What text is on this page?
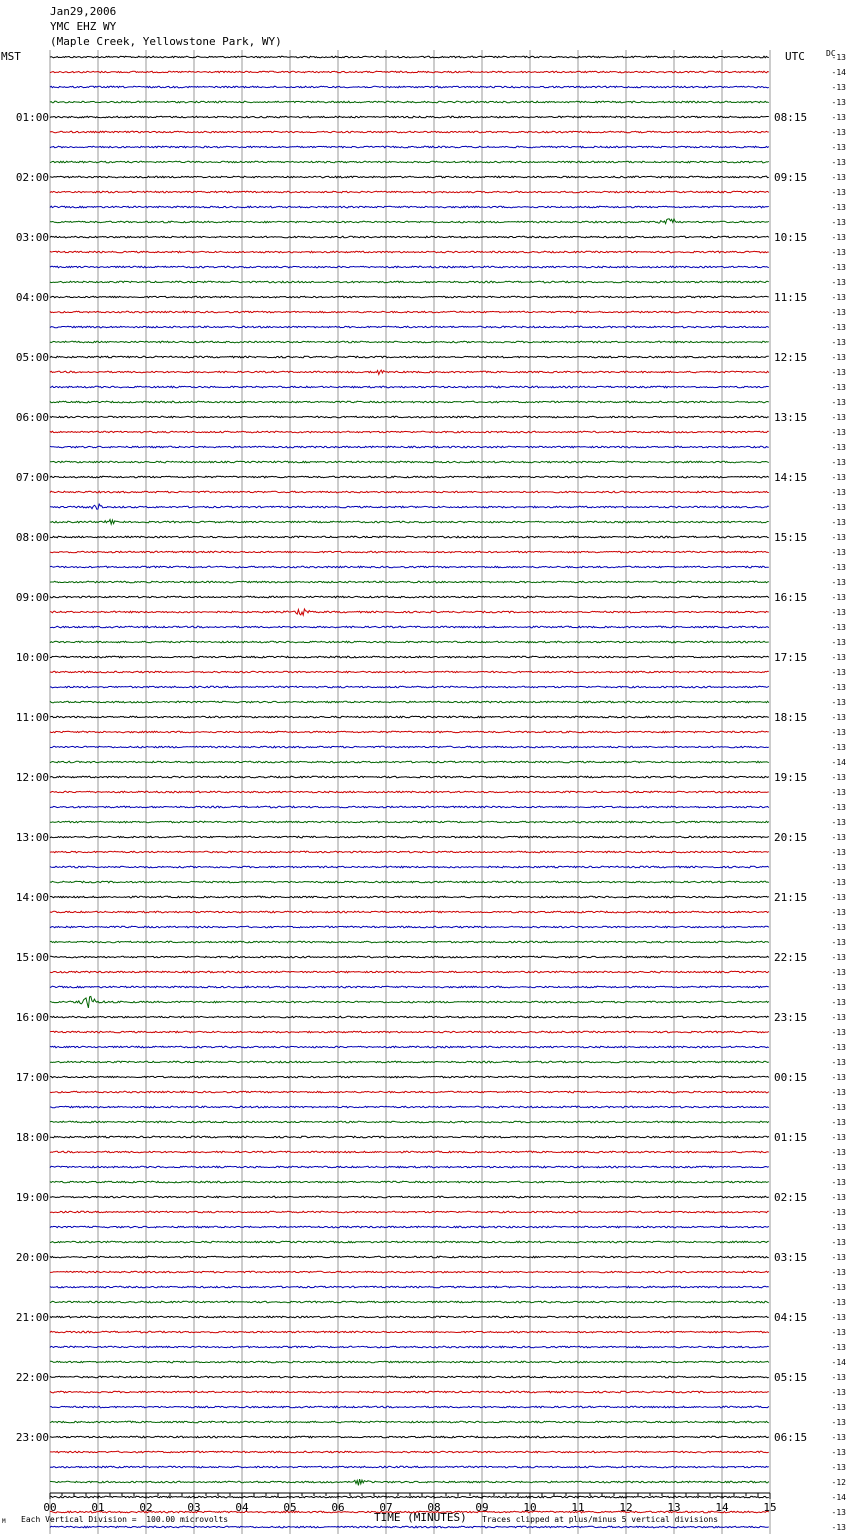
Jan29,2006
YMC EHZ WY
(Maple Creek, Yellowstone Park, WY)
MST	UTC	DC
00	01	02	03	04	05	06	07	08	09	10	11	12	13	14	15
-13
-14
-13
-13
-13
-13
-13
-13
-13
-13
-13
-13
-13
-13
-13
-13
-13
-13
-13
-13
-13
-13
-13
-13
-13
-13
-13
-13
-13
-13
-13
-13
-13
-13
-13
-13
-13
-13
-13
-13
-13
-13
-13
-13
-13
-13
-13
-14
-13
-13
-13
-13
-13
-13
-13
-13
-13
-13
-13
-13
-13
-13
-13
-13
-13
-13
-13
-13
-13
-13
-13
-13
-13
-13
-13
-13
-13
-13
-13
-13
-13
-13
-13
-13
-13
-13
-13
-14
-13
-13
-13
-13
-13
-13
-13
-12
-14
-13
-13
01:00	08:15
02:00	09:15
03:00	10:15
04:00	11:15
05:00	12:15
06:00	13:15
07:00	14:15
08:00	15:15
09:00	16:15
10:00	17:15
11:00	18:15
12:00	19:15
13:00	20:15
14:00	21:15
15:00	22:15
16:00	23:15
17:00	00:15
18:00	01:15
19:00	02:15
20:00	03:15
21:00	04:15
22:00	05:15
23:00	06:15
M Each Vertical Division =  100.00 microvolts	TIME (MINUTES) Traces clipped at plus/minus 5 vertical divisions
